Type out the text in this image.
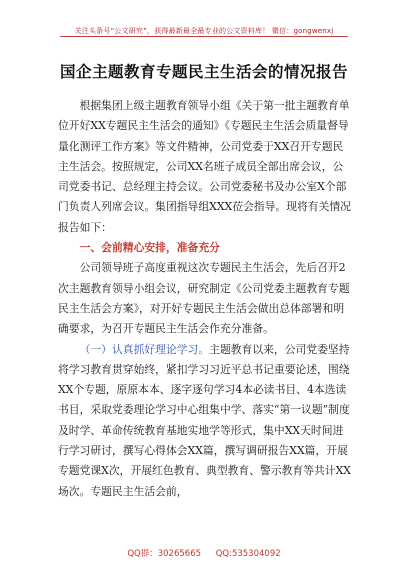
关注头条号“公文研究”，获得最新最全最专业的公文资料库！ 微信：gongwenxj
国企主题教育专题民主生活会的情况报告

根据集团上级主题教育领导小组《关于第一批主题教育单位开好XX专题民主生活会的通知》《专题民主生活会质量督导量化测评工作方案》等文件精神，公司党委于XX召开专题民主生活会。按照规定，公司XX名班子成员全部出席会议，公司党委书记、总经理主持会议。公司党委秘书及办公室X个部门负责人列席会议。集团指导组XXX莅会指导。现将有关情况报告如下：

一、会前精心安排，准备充分

公司领导班子高度重视这次专题民主生活会，先后召开2次主题教育领导小组会议，研究制定《公司党委主题教育专题民主生活会方案》，对开好专题民主生活会做出总体部署和明确要求，为召开专题民主生活会作充分准备。

（一）认真抓好理论学习。主题教育以来，公司党委坚持将学习教育贯穿始终，紧扣学习习近平总书记重要论述，围绕XX个专题，原原本本、逐字逐句学习4本必读书目、4本选读书目，采取党委理论学习中心组集中学、落实“第一议题”制度及时学、革命传统教育基地实地学等形式，集中XX天时间进行学习研讨，撰写心得体会XX篇，撰写调研报告XX篇，开展专题党课X次，开展红色教育、典型教育、警示教育等共计XX场次。专题民主生活会前，

QQ群：30265665 QQ:535304092
